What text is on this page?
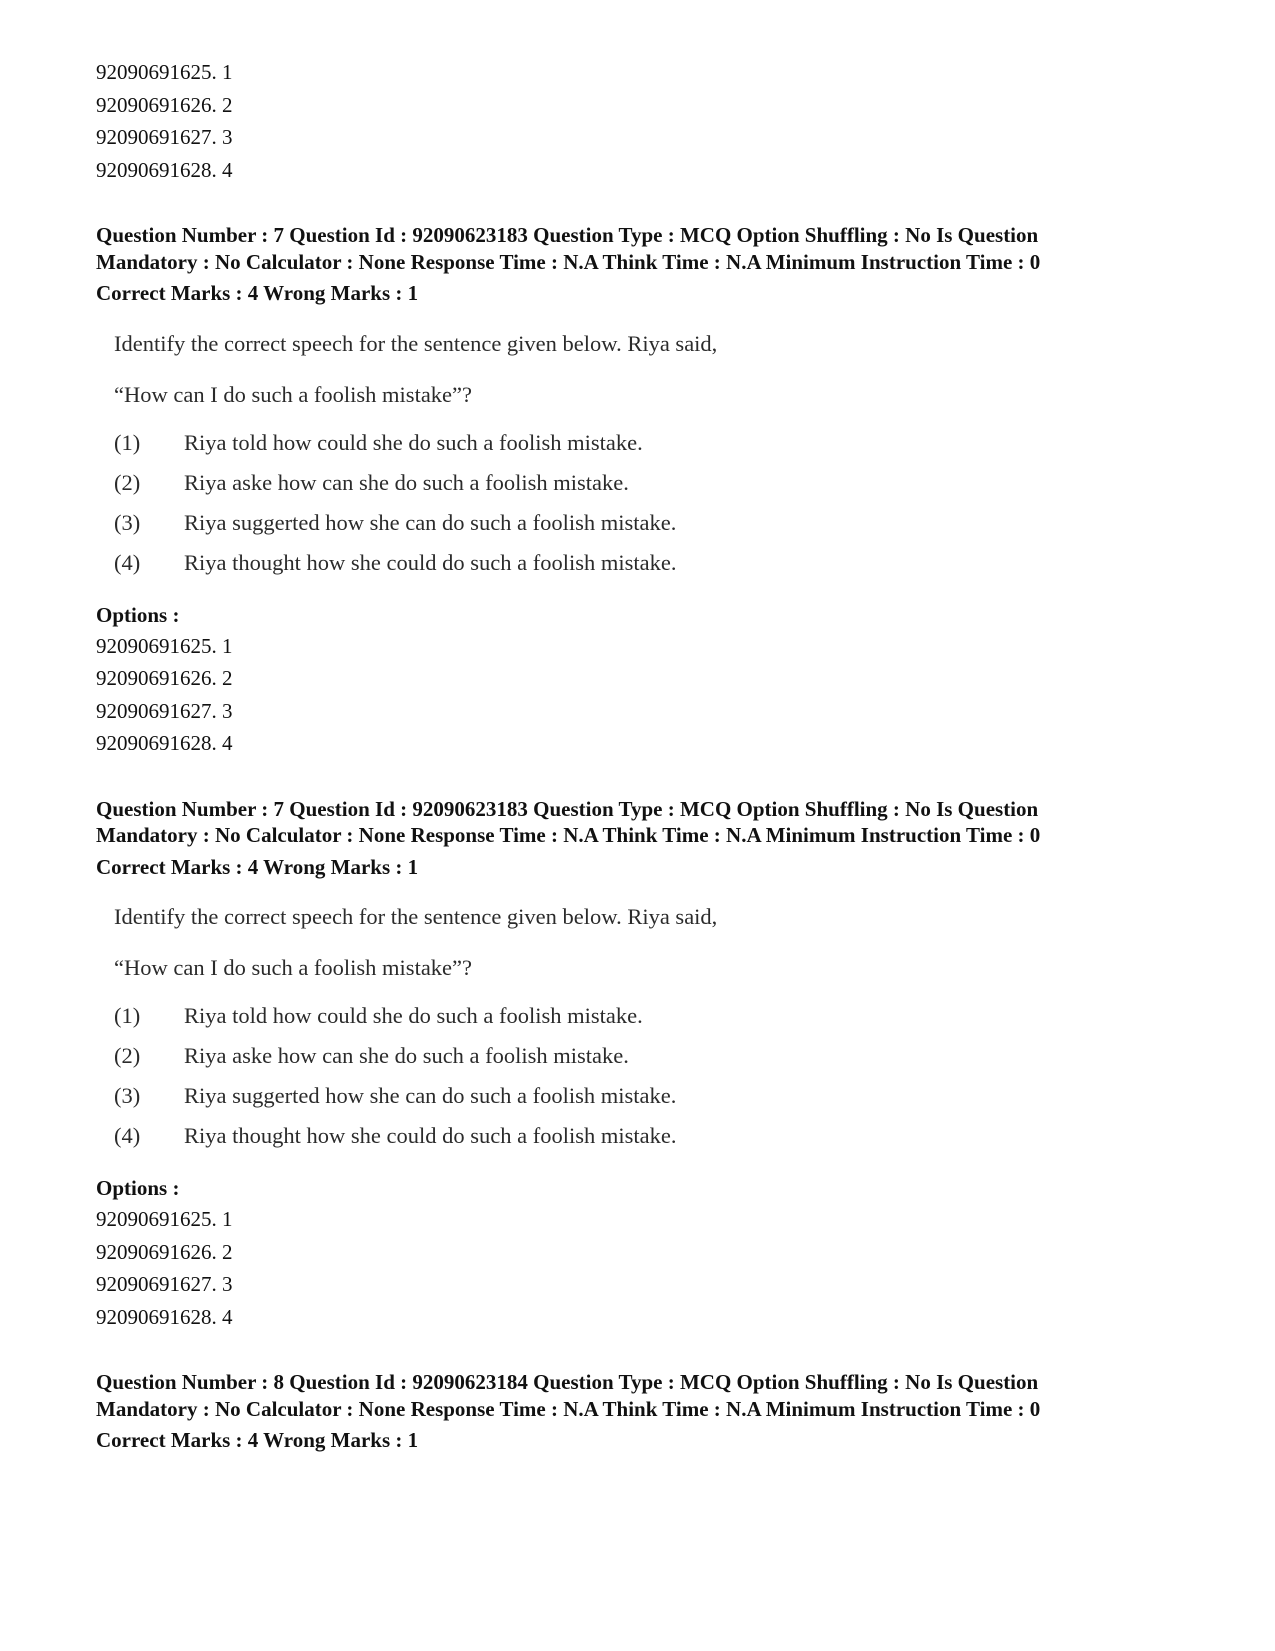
92090691625. 1
92090691626. 2
92090691627. 3
92090691628. 4
Question Number : 7 Question Id : 92090623183 Question Type : MCQ Option Shuffling : No Is Question
Mandatory : No Calculator : None Response Time : N.A Think Time : N.A Minimum Instruction Time : 0
Correct Marks : 4 Wrong Marks : 1
Identify the correct speech for the sentence given below. Riya said,
“How can I do such a foolish mistake”?
(1)	Riya told how could she do such a foolish mistake.
(2)	Riya aske how can she do such a foolish mistake.
(3)	Riya suggerted how she can do such a foolish mistake.
(4)	Riya thought how she could do such a foolish mistake.
Options :
92090691625. 1
92090691626. 2
92090691627. 3
92090691628. 4
Question Number : 7 Question Id : 92090623183 Question Type : MCQ Option Shuffling : No Is Question
Mandatory : No Calculator : None Response Time : N.A Think Time : N.A Minimum Instruction Time : 0
Correct Marks : 4 Wrong Marks : 1
Identify the correct speech for the sentence given below. Riya said,
“How can I do such a foolish mistake”?
(1)	Riya told how could she do such a foolish mistake.
(2)	Riya aske how can she do such a foolish mistake.
(3)	Riya suggerted how she can do such a foolish mistake.
(4)	Riya thought how she could do such a foolish mistake.
Options :
92090691625. 1
92090691626. 2
92090691627. 3
92090691628. 4
Question Number : 8 Question Id : 92090623184 Question Type : MCQ Option Shuffling : No Is Question
Mandatory : No Calculator : None Response Time : N.A Think Time : N.A Minimum Instruction Time : 0
Correct Marks : 4 Wrong Marks : 1
